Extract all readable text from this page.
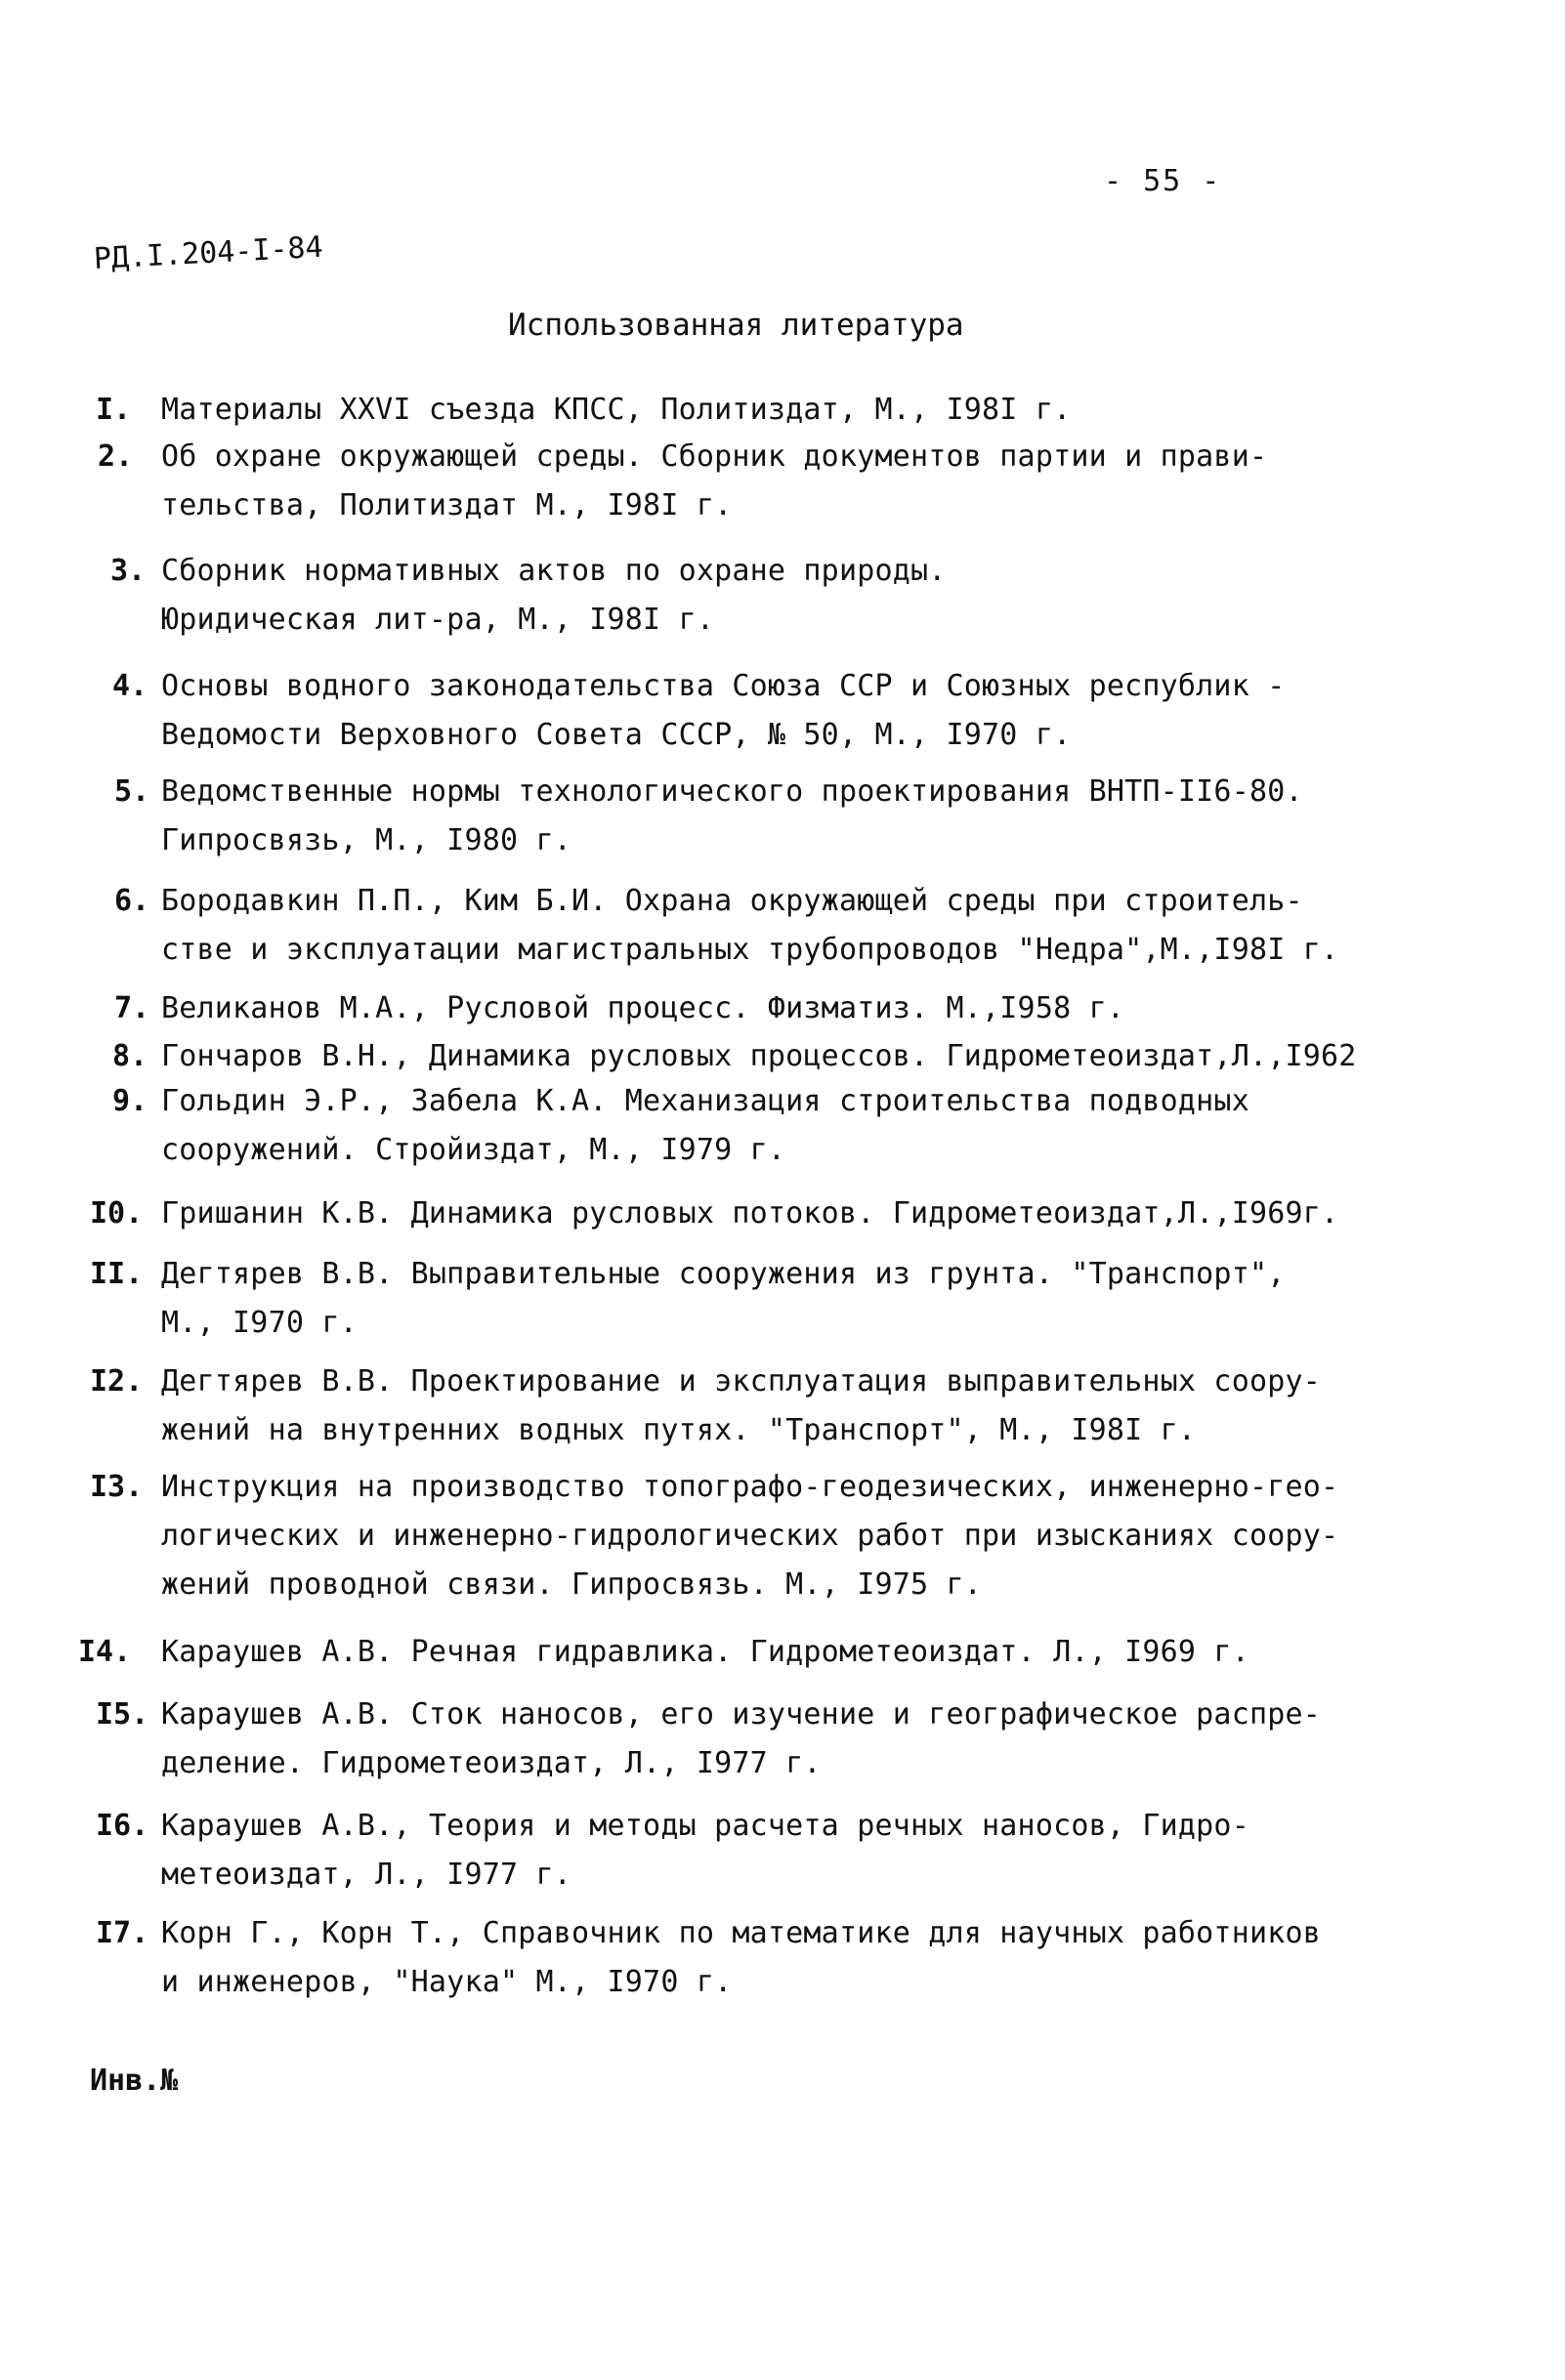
- 55 -
РД.I.204-I-84
Использованная литература
I. Материалы XXVI съезда КПСС, Политиздат, М., I98I г.
2. Об охране окружающей среды. Сборник документов партии и прави-
тельства, Политиздат М., I98I г.
3. Сборник нормативных актов по охране природы.
Юридическая лит-ра, М., I98I г.
4. Основы водного законодательства Союза ССР и Союзных республик -
Ведомости Верховного Совета СССР, № 50, М., I970 г.
5. Ведомственные нормы технологического проектирования ВНТП-II6-80.
Гипросвязь, М., I980 г.
6. Бородавкин П.П., Ким Б.И. Охрана окружающей среды при строитель-
стве и эксплуатации магистральных трубопроводов "Недра",М.,I98I г.
7. Великанов М.А., Русловой процесс. Физматиз. М.,I958 г.
8. Гончаров В.Н., Динамика русловых процессов. Гидрометеоиздат,Л.,I962
9. Гольдин Э.Р., Забела К.А. Механизация строительства подводных
сооружений. Стройиздат, М., I979 г.
I0. Гришанин К.В. Динамика русловых потоков. Гидрометеоиздат,Л.,I969г.
II. Дегтярев В.В. Выправительные сооружения из грунта. "Транспорт",
М., I970 г.
I2. Дегтярев В.В. Проектирование и эксплуатация выправительных соору-
жений на внутренних водных путях. "Транспорт", М., I98I г.
I3. Инструкция на производство топографо-геодезических, инженерно-гео-
логических и инженерно-гидрологических работ при изысканиях соору-
жений проводной связи. Гипросвязь. М., I975 г.
I4. Караушев А.В. Речная гидравлика. Гидрометеоиздат. Л., I969 г.
I5. Караушев А.В. Сток наносов, его изучение и географическое распре-
деление. Гидрометеоиздат, Л., I977 г.
I6. Караушев А.В., Теория и методы расчета речных наносов, Гидро-
метеоиздат, Л., I977 г.
I7. Корн Г., Корн Т., Справочник по математике для научных работников
и инженеров, "Наука" М., I970 г.
Инв.№
